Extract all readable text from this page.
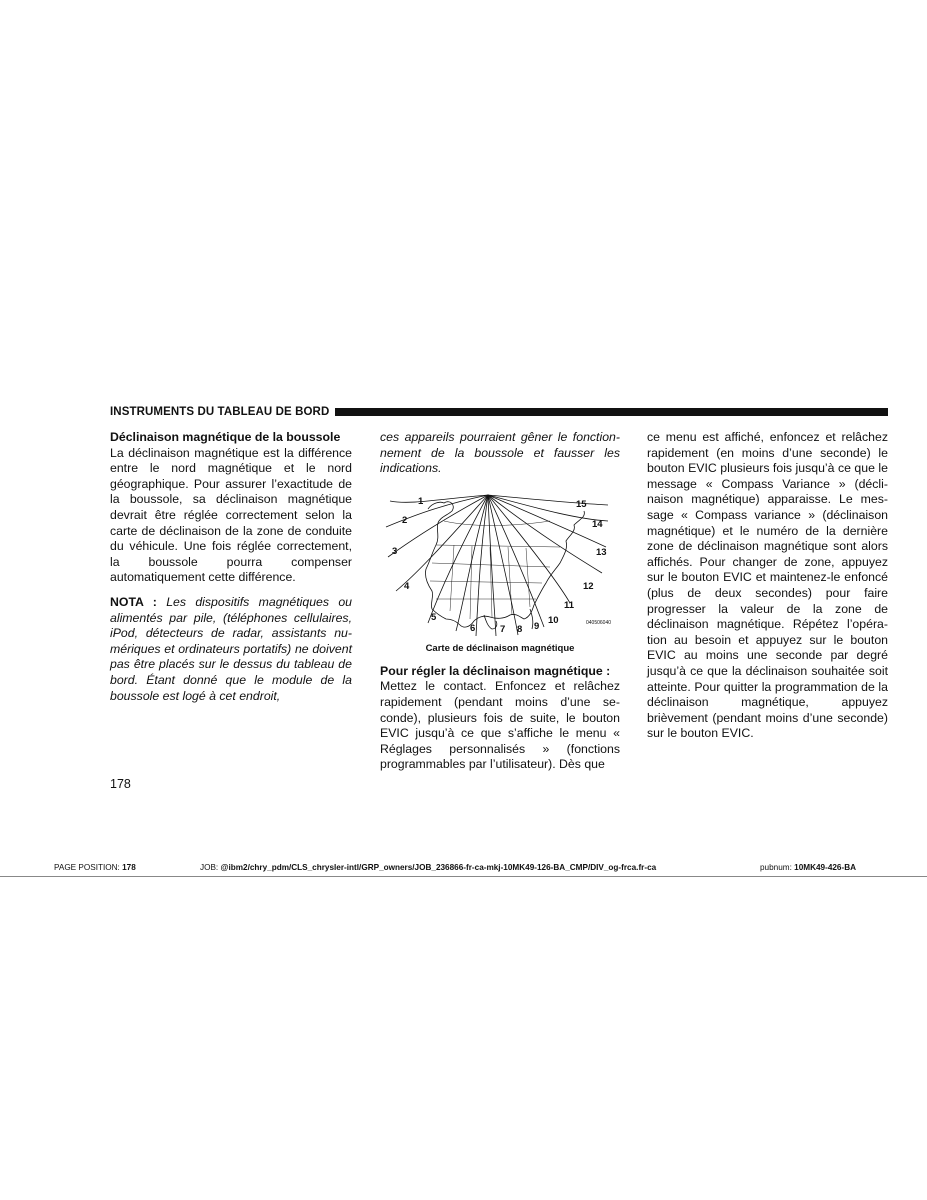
INSTRUMENTS DU TABLEAU DE BORD

Déclinaison magnétique de la boussole

La déclinaison magnétique est la différence entre le nord magnétique et le nord géographique. Pour assurer l’exactitude de la boussole, sa déclinaison magnétique devrait être réglée correctement selon la carte de déclinaison de la zone de conduite du véhicule. Une fois réglée correctement, la boussole pourra compenser automatiquement cette différence.

NOTA : Les dispositifs magnétiques ou alimentés par pile, (téléphones cellulaires, iPod, détecteurs de radar, assistants numériques et ordinateurs portatifs) ne doivent pas être placés sur le dessus du tableau de bord. Étant donné que le module de la boussole est logé à cet endroit,

ces appareils pourraient gêner le fonctionnement de la boussole et fausser les indications.

1
2
3
4
5
6	7 8 9
10
11
12
13
14
15
040506040

Carte de déclinaison magnétique

Pour régler la déclinaison magnétique :

Mettez le contact. Enfoncez et relâchez rapidement (pendant moins d’une seconde), plusieurs fois de suite, le bouton EVIC jusqu’à ce que s’affiche le menu « Réglages personnalisés » (fonctions programmables par l’utilisateur). Dès que

ce menu est affiché, enfoncez et relâchez rapidement (en moins d’une seconde) le bouton EVIC plusieurs fois jusqu’à ce que le message « Compass Variance » (déclinaison magnétique) apparaisse. Le message « Compass variance » (déclinaison magnétique) et le numéro de la dernière zone de déclinaison magnétique sont alors affichés. Pour changer de zone, appuyez sur le bouton EVIC et maintenez-le enfoncé (plus de deux secondes) pour faire progresser la valeur de la zone de déclinaison magnétique. Répétez l’opération au besoin et appuyez sur le bouton EVIC au moins une seconde par degré jusqu’à ce que la déclinaison souhaitée soit atteinte. Pour quitter la programmation de la déclinaison magnétique, appuyez brièvement (pendant moins d’une seconde) sur le bouton EVIC.

178
PAGE POSITION: 178	JOB: @ibm2/chry_pdm/CLS_chrysler-intl/GRP_owners/JOB_236866-fr-ca-mkj-10MK49-126-BA_CMP/DIV_og-frca.fr-ca	pubnum: 10MK49-426-BA
